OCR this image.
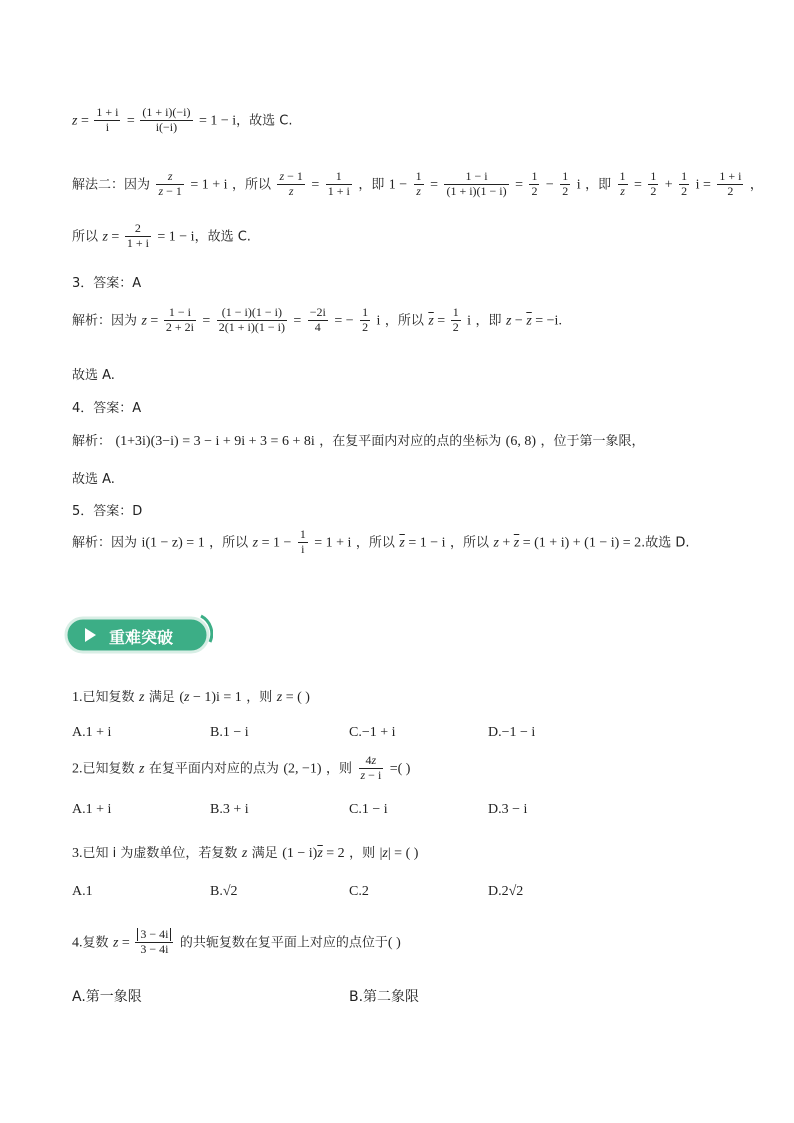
$z = \frac{1 + i}{i} = \frac{(1 + i)(-i)}{i(-i)} = 1 - i$，故选 C.
解法二：因为 $\frac{z}{z - 1} = 1 + i$ ，所以 $\frac{z - 1}{z} = \frac{1}{1 + i}$ ，即 $1 - \frac{1}{z} = \frac{1 - i}{(1 + i)(1 - i)} = \frac{1}{2} - \frac{1}{2}$ i ，即 $\frac{1}{z} = \frac{1}{2} + \frac{1}{2}$ $i = \frac{1 + i}{2}$ ，
所以 $z = \frac{2}{1 + i} = 1 - i$，故选 C.
3．答案：A
解析：因为 $z = \frac{1 - i}{2 + 2i} = \frac{(1 - i)(1 - i)}{2(1 + i)(1 - i)} = \frac{-2i}{4}$ = − $\frac{1}{2}$ i ，所以 $\overline{z} = \frac{1}{2}$ i ，即 $z - \overline{z} = -i$.
故选 A.
4．答案：A
解析： (1+3i)(3−i) = 3 − i + 9i + 3 = 6 + 8i ，在复平面内对应的点的坐标为 (6, 8) ，位于第一象限，
故选 A.
5．答案：D
解析：因为 i(1 − z) = 1 ，所以 $z = 1 - \frac{1}{i} = 1 + i$ ，所以 $\overline{z} = 1 - i$ ，所以 $z + \overline{z} = (1 + i) + (1 - i) = 2$.故选 D.
重难突破
1.已知复数 z 满足 (z − 1)i = 1 ，则 z = ( )
A.1 + i	B.1 − i	C.−1 + i	D.−1 − i
2.已知复数 z 在复平面内对应的点为 (2, −1) ，则 $\frac{4z}{z - i}$ =( )
A.1 + i	B.3 + i	C.1 − i	D.3 − i
3.已知 i 为虚数单位，若复数 z 满足 $(1 - i)\overline{z} = 2$ ，则 |z| = ( )
A.1	B.√2	C.2	D.2√2
4.复数 $z = \frac{3 - 4i}{3 - 4i}$ 的共轭复数在复平面上对应的点位于( )
A.第一象限	B.第二象限
